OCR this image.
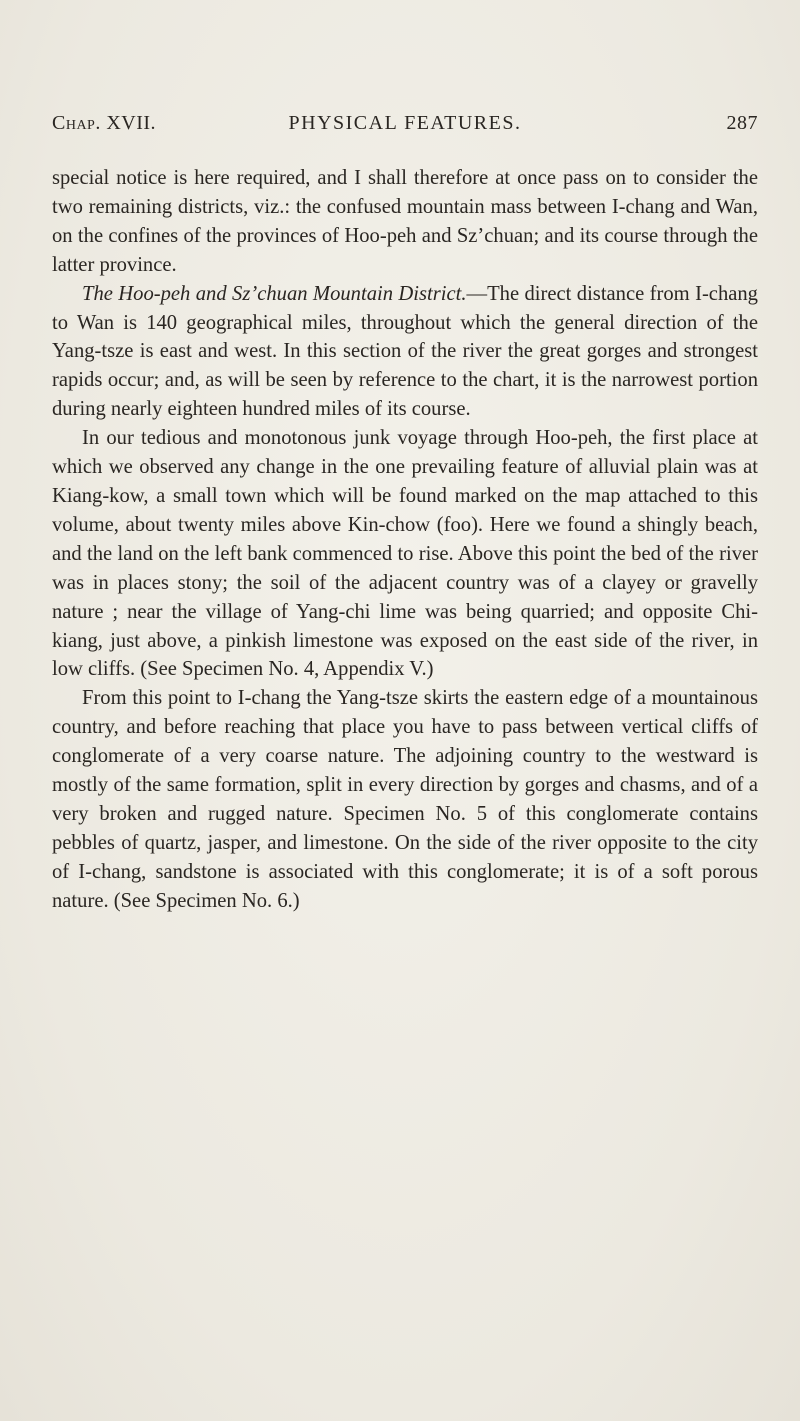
Chap. XVII.	PHYSICAL FEATURES.	287

special notice is here required, and I shall therefore at once pass on to consider the two remaining districts, viz.: the confused mountain mass between I-chang and Wan, on the confines of the provinces of Hoo-peh and Sz’chuan; and its course through the latter province.

The Hoo-peh and Sz’chuan Mountain District.—The direct distance from I-chang to Wan is 140 geographical miles, throughout which the general direction of the Yang-tsze is east and west. In this section of the river the great gorges and strongest rapids occur; and, as will be seen by reference to the chart, it is the narrowest portion during nearly eighteen hundred miles of its course.

In our tedious and monotonous junk voyage through Hoo-peh, the first place at which we observed any change in the one prevailing feature of alluvial plain was at Kiang-kow, a small town which will be found marked on the map attached to this volume, about twenty miles above Kin-chow (foo). Here we found a shingly beach, and the land on the left bank commenced to rise. Above this point the bed of the river was in places stony; the soil of the adjacent country was of a clayey or gravelly nature ; near the village of Yang-chi lime was being quarried; and opposite Chi-kiang, just above, a pinkish limestone was exposed on the east side of the river, in low cliffs. (See Specimen No. 4, Appendix V.)

From this point to I-chang the Yang-tsze skirts the eastern edge of a mountainous country, and before reaching that place you have to pass between vertical cliffs of conglomerate of a very coarse nature. The adjoining country to the westward is mostly of the same formation, split in every direction by gorges and chasms, and of a very broken and rugged nature. Specimen No. 5 of this conglomerate contains pebbles of quartz, jasper, and limestone. On the side of the river opposite to the city of I-chang, sandstone is associated with this conglomerate; it is of a soft porous nature. (See Specimen No. 6.)
